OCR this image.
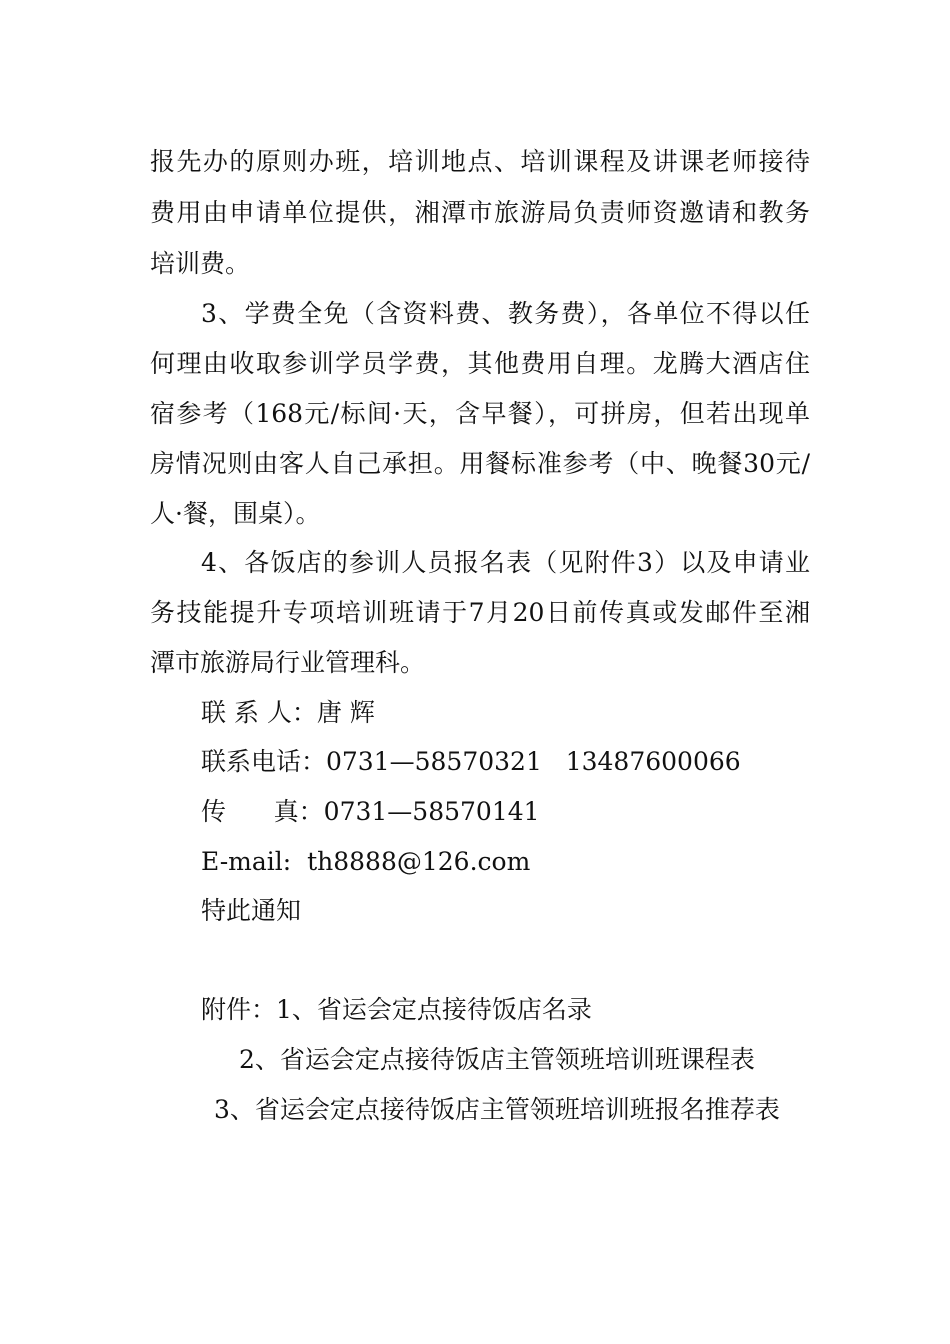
报先办的原则办班，培训地点、培训课程及讲课老师接待
费用由申请单位提供，湘潭市旅游局负责师资邀请和教务
培训费。
3、学费全免（含资料费、教务费），各单位不得以任
何理由收取参训学员学费，其他费用自理。龙腾大酒店住
宿参考（168元/标间·天，含早餐），可拼房，但若出现单
房情况则由客人自己承担。用餐标准参考（中、晚餐30元/
人·餐，围桌）。
4、各饭店的参训人员报名表（见附件3）以及申请业
务技能提升专项培训班请于7月20日前传真或发邮件至湘
潭市旅游局行业管理科。
联 系 人：唐 辉
联系电话：0731—58570321   13487600066
传      真：0731—58570141
E-mail:  th8888@126.com
特此通知
附件：1、省运会定点接待饭店名录
2、省运会定点接待饭店主管领班培训班课程表
3、省运会定点接待饭店主管领班培训班报名推荐表
